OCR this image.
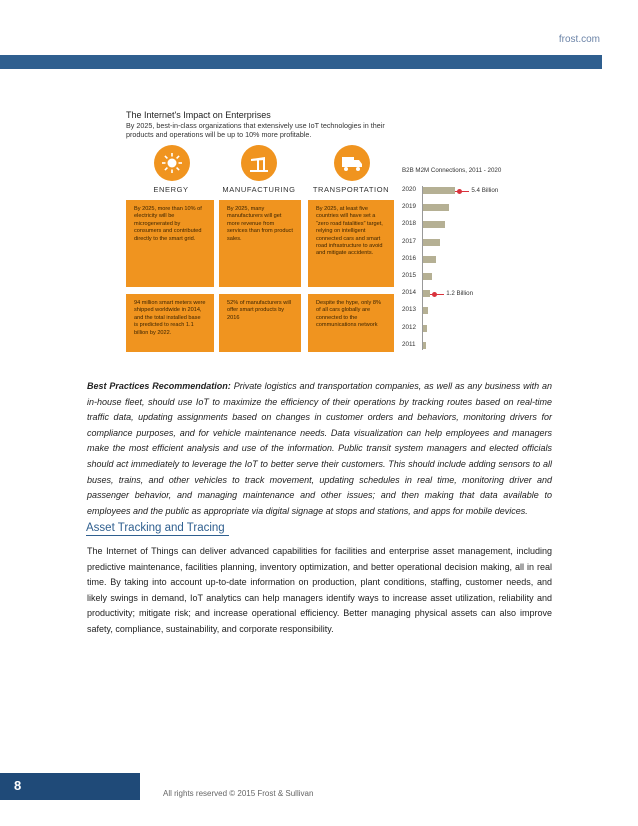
frost.com
The Internet's Impact on Enterprises
By 2025, best-in-class organizations that extensively use IoT technologies in their products and operations will be up to 10% more profitable.
ENERGY	MANUFACTURING	TRANSPORTATION
By 2025, more than 10% of electricity will be microgenerated by consumers and contributed directly to the smart grid.
By 2025, many manufacturers will get more revenue from services than from product sales.
By 2025, at least five countries will have set a “zero road fatalities” target, relying on intelligent connected cars and smart road infrastructure to avoid and mitigate accidents.
94 million smart meters were shipped worldwide in 2014, and the total installed base is predicted to reach 1.1 billion by 2022.
52% of manufacturers will offer smart products by 2016
Despite the hype, only 8% of all cars globally are connected to the communications network
B2B M2M Connections, 2011 - 2020
2020	5.4 Billion
2019
2018
2017
2016
2015
2014	1.2 Billion
2013
2012
2011
Best Practices Recommendation: Private logistics and transportation companies, as well as any business with an in-house fleet, should use IoT to maximize the efficiency of their operations by tracking routes based on real-time traffic data, updating assignments based on changes in customer orders and behaviors, monitoring drivers for compliance purposes, and for vehicle maintenance needs. Data visualization can help employees and managers make the most efficient analysis and use of the information. Public transit system managers and elected officials should act immediately to leverage the IoT to better serve their customers. This should include adding sensors to all buses, trains, and other vehicles to track movement, updating schedules in real time, monitoring driver and passenger behavior, and managing maintenance and other issues; and then making that data available to employees and the public as appropriate via digital signage at stops and stations, and apps for mobile devices.
Asset Tracking and Tracing
The Internet of Things can deliver advanced capabilities for facilities and enterprise asset management, including predictive maintenance, facilities planning, inventory optimization, and better operational decision making, all in real time. By taking into account up-to-date information on production, plant conditions, staffing, customer needs, and likely swings in demand, IoT analytics can help managers identify ways to increase asset utilization, reliability and productivity; mitigate risk; and increase operational efficiency. Better managing physical assets can also improve safety, compliance, sustainability, and corporate responsibility.
8
All rights reserved © 2015 Frost & Sullivan
